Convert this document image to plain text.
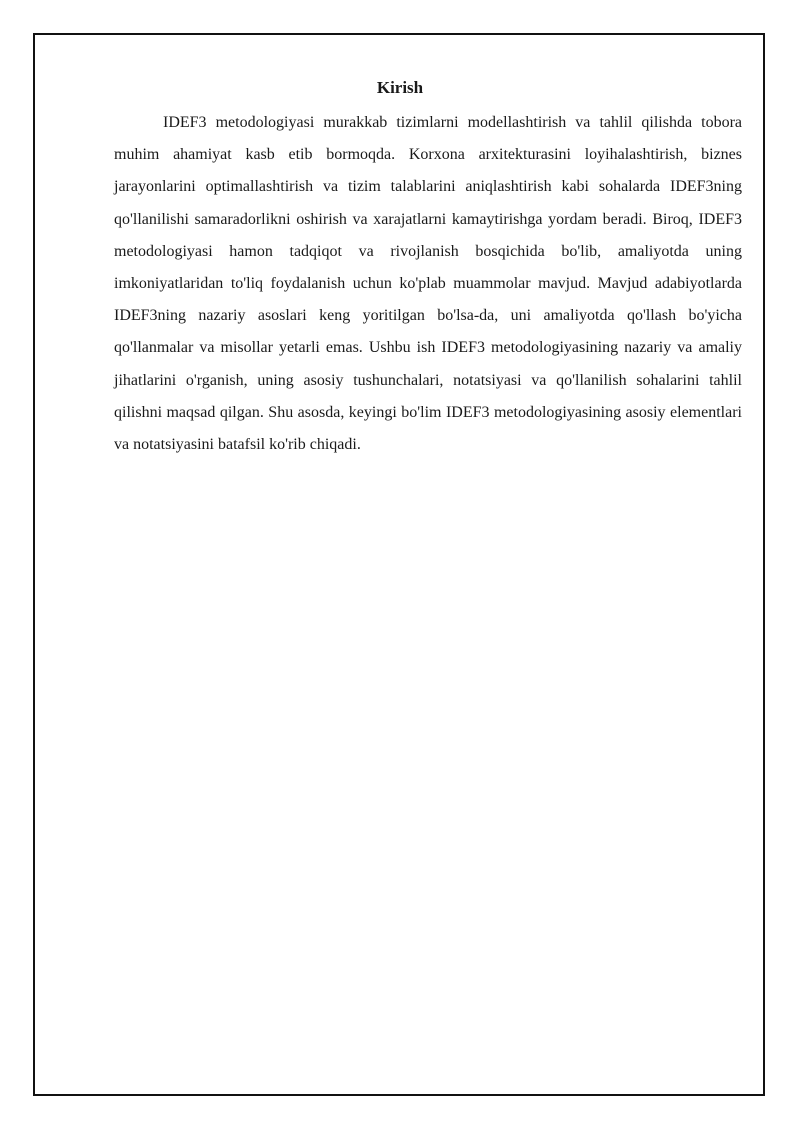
Kirish

IDEF3 metodologiyasi murakkab tizimlarni modellashtirish va tahlil qilishda tobora muhim ahamiyat kasb etib bormoqda. Korxona arxitekturasini loyihalashtirish, biznes jarayonlarini optimallashtirish va tizim talablarini aniqlashtirish kabi sohalarda IDEF3ning qo'llanilishi samaradorlikni oshirish va xarajatlarni kamaytirishga yordam beradi. Biroq, IDEF3 metodologiyasi hamon tadqiqot va rivojlanish bosqichida bo'lib, amaliyotda uning imkoniyatlaridan to'liq foydalanish uchun ko'plab muammolar mavjud. Mavjud adabiyotlarda IDEF3ning nazariy asoslari keng yoritilgan bo'lsa-da, uni amaliyotda qo'llash bo'yicha qo'llanmalar va misollar yetarli emas. Ushbu ish IDEF3 metodologiyasining nazariy va amaliy jihatlarini o'rganish, uning asosiy tushunchalari, notatsiyasi va qo'llanilish sohalarini tahlil qilishni maqsad qilgan. Shu asosda, keyingi bo'lim IDEF3 metodologiyasining asosiy elementlari va notatsiyasini batafsil ko'rib chiqadi.
